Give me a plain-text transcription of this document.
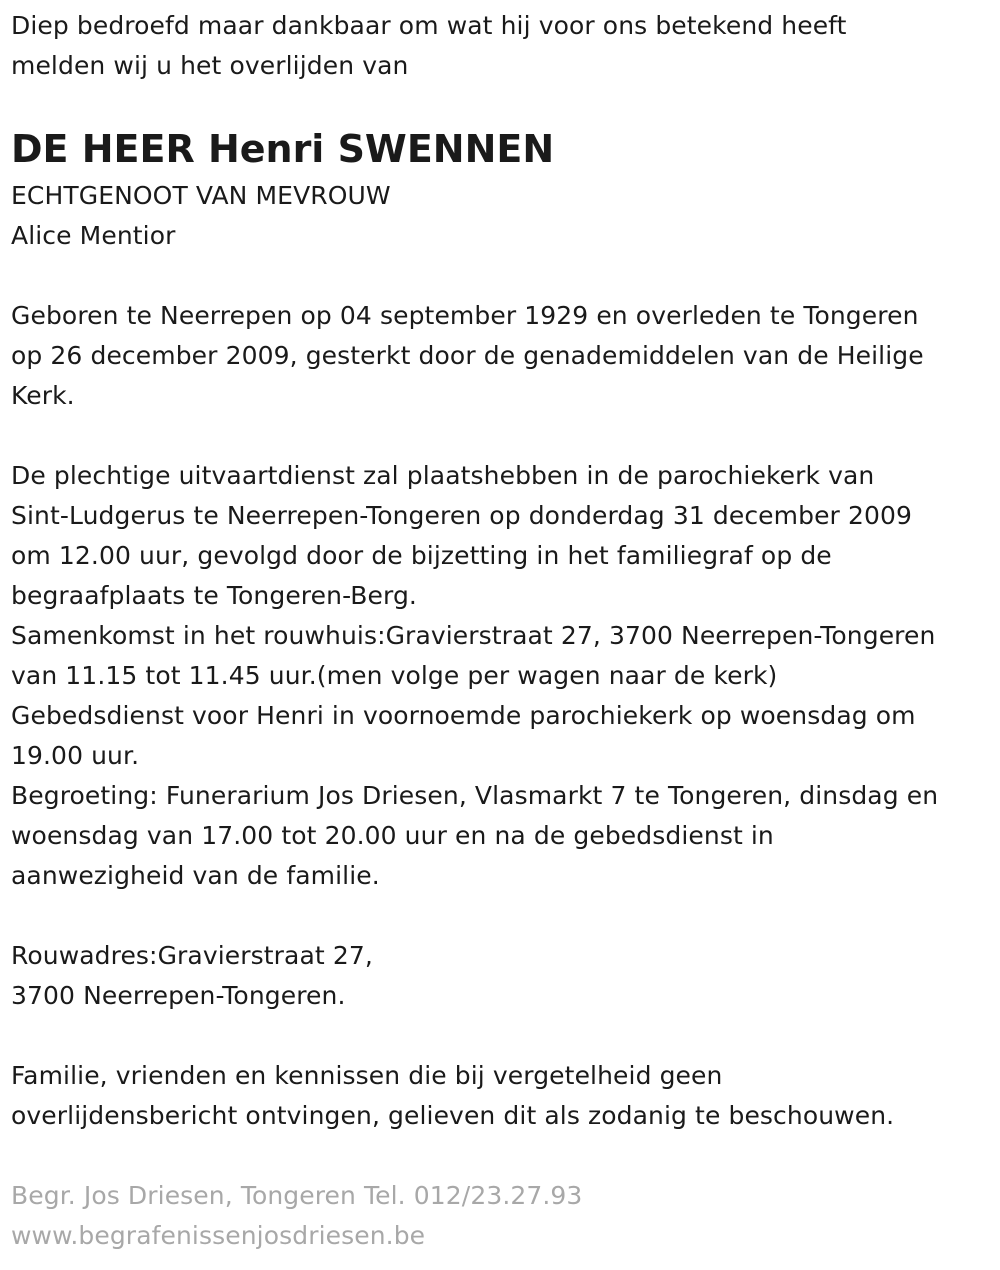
Diep bedroefd maar dankbaar om wat hij voor ons betekend heeft
melden wij u het overlijden van
DE HEER Henri SWENNEN
ECHTGENOOT VAN MEVROUW
Alice Mentior
Geboren te Neerrepen op 04 september 1929 en overleden te Tongeren
op 26 december 2009, gesterkt door de genademiddelen van de Heilige
Kerk.
De plechtige uitvaartdienst zal plaatshebben in de parochiekerk van
Sint-Ludgerus te Neerrepen-Tongeren op donderdag 31 december 2009
om 12.00 uur, gevolgd door de bijzetting in het familiegraf op de
begraafplaats te Tongeren-Berg.
Samenkomst in het rouwhuis:Gravierstraat 27, 3700 Neerrepen-Tongeren
van 11.15 tot 11.45 uur.(men volge per wagen naar de kerk)
Gebedsdienst voor Henri in voornoemde parochiekerk op woensdag om
19.00 uur.
Begroeting: Funerarium Jos Driesen, Vlasmarkt 7 te Tongeren, dinsdag en
woensdag van 17.00 tot 20.00 uur en na de gebedsdienst in
aanwezigheid van de familie.
Rouwadres:Gravierstraat 27,
3700 Neerrepen-Tongeren.
Familie, vrienden en kennissen die bij vergetelheid geen
overlijdensbericht ontvingen, gelieven dit als zodanig te beschouwen.
Begr. Jos Driesen, Tongeren Tel. 012/23.27.93
www.begrafenissenjosdriesen.be
